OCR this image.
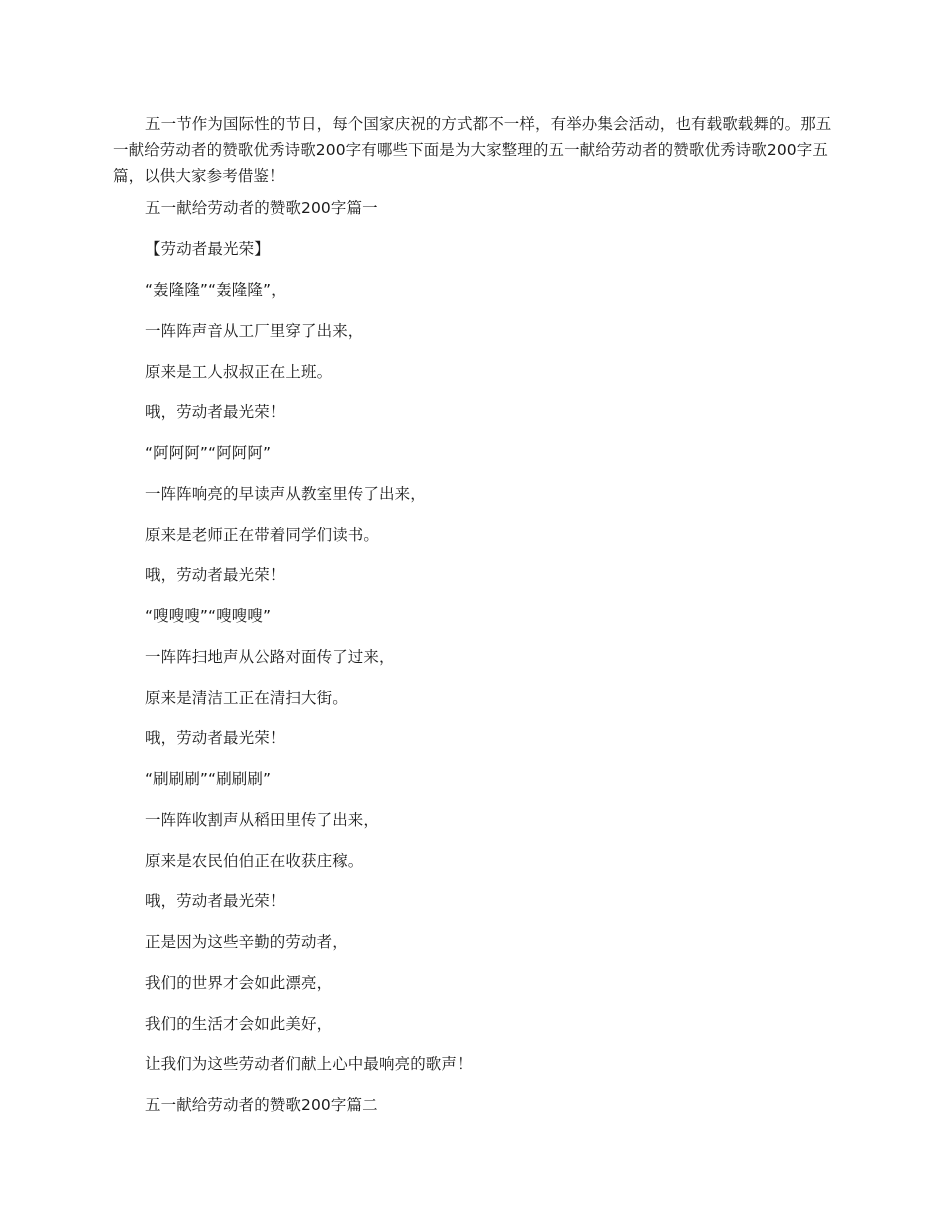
五一节作为国际性的节日，每个国家庆祝的方式都不一样，有举办集会活动，也有载歌载舞的。那五一献给劳动者的赞歌优秀诗歌200字有哪些下面是为大家整理的五一献给劳动者的赞歌优秀诗歌200字五篇，以供大家参考借鉴！

五一献给劳动者的赞歌200字篇一

【劳动者最光荣】

“轰隆隆”“轰隆隆”，

一阵阵声音从工厂里穿了出来，

原来是工人叔叔正在上班。

哦，劳动者最光荣！

“阿阿阿”“阿阿阿”

一阵阵响亮的早读声从教室里传了出来，

原来是老师正在带着同学们读书。

哦，劳动者最光荣！

“嗖嗖嗖”“嗖嗖嗖”

一阵阵扫地声从公路对面传了过来，

原来是清洁工正在清扫大街。

哦，劳动者最光荣！

“刷刷刷”“刷刷刷”

一阵阵收割声从稻田里传了出来，

原来是农民伯伯正在收获庄稼。

哦，劳动者最光荣！

正是因为这些辛勤的劳动者，

我们的世界才会如此漂亮，

我们的生活才会如此美好，

让我们为这些劳动者们献上心中最响亮的歌声！

五一献给劳动者的赞歌200字篇二
